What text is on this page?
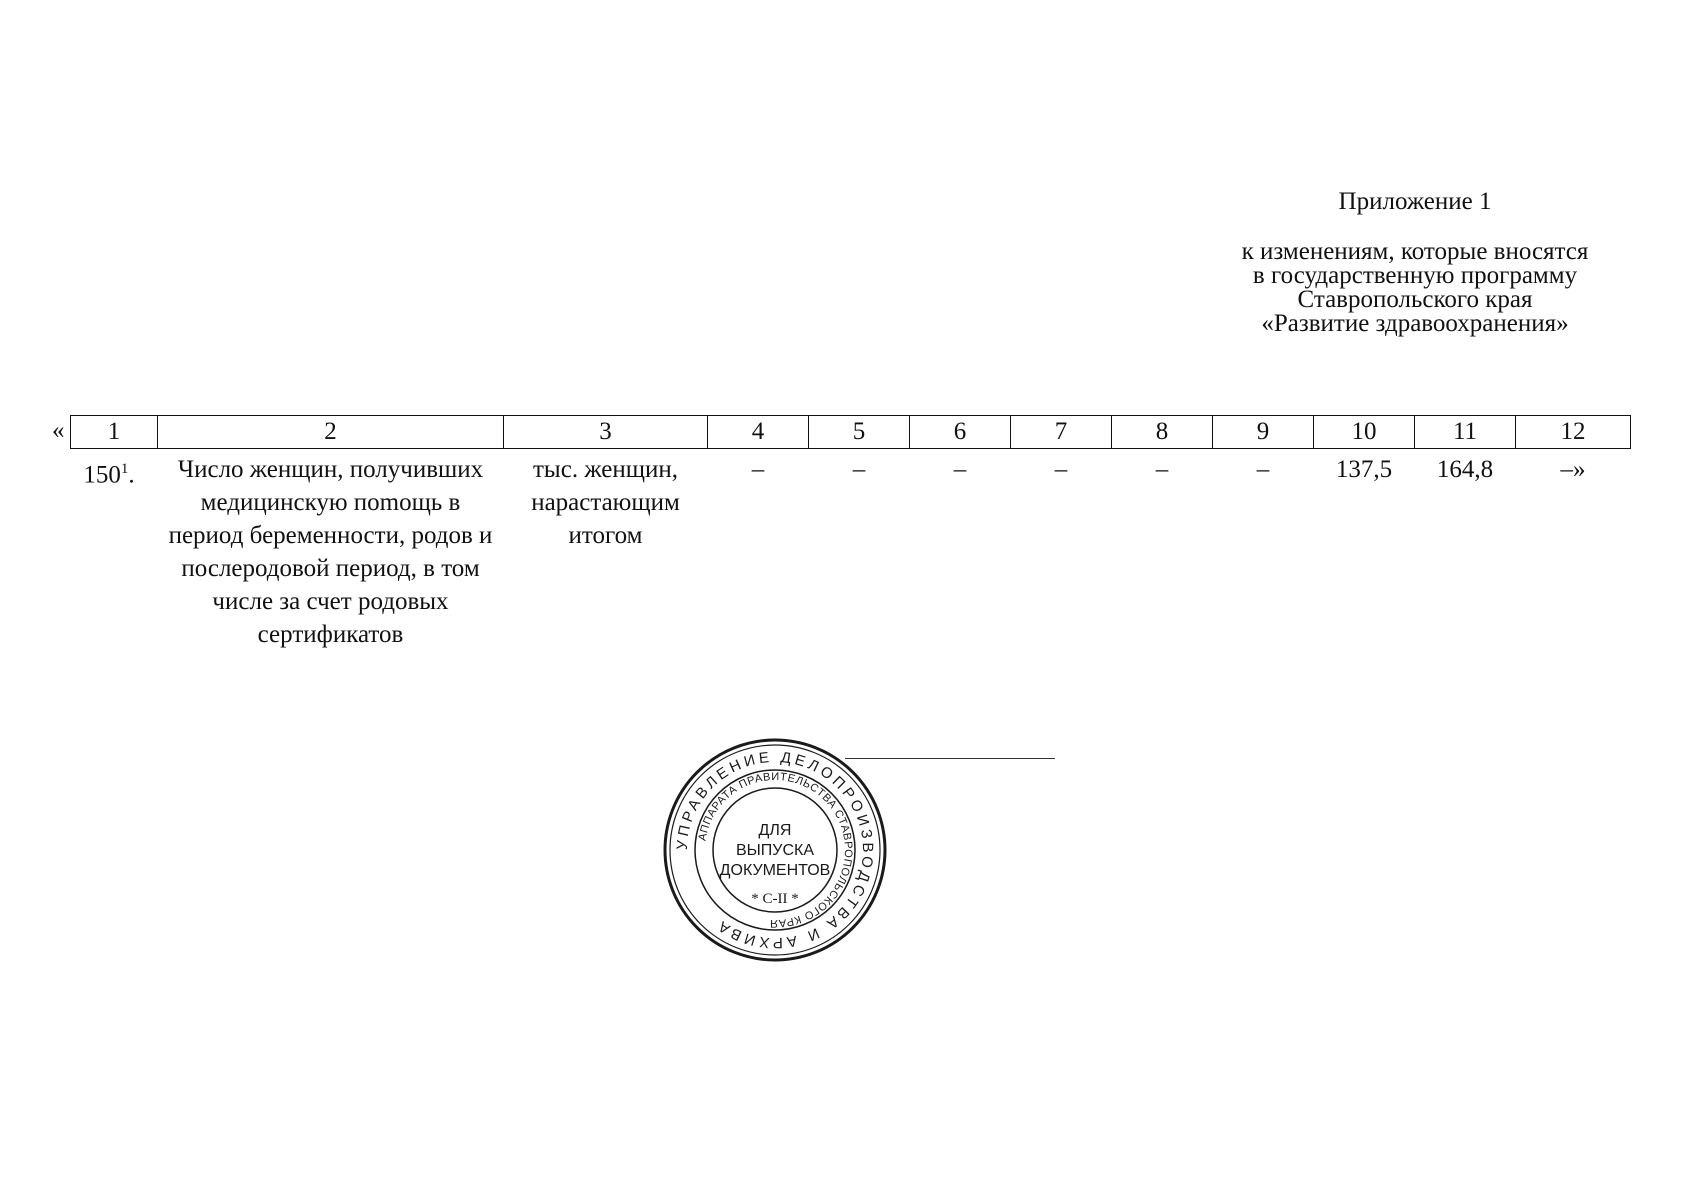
Приложение 1
к изменениям, которые вносятся
в государственную программу
Ставропольского края
«Развитие здравоохранения»
« 1	2	3	4	5	6	7	8	9	10	11	12
$150^1$.	Число женщин, получивших медицинскую поmощь в период беременности, родов и послеродовой период, в том числе за счет родовых сертификатов	тыс. женщин, нарастающим итогом	–	–	–	–	–	–	137,5	164,8	–»
УПРАВЛЕНИЕ ДЕЛОПРОИЗВОДСТВА И АРХИВА
АППАРАТА ПРАВИТЕЛЬСТВА СТАВРОПОЛЬСКОГО КРАЯ
ДЛЯ
ВЫПУСКА
ДОКУМЕНТОВ
* С-II *
